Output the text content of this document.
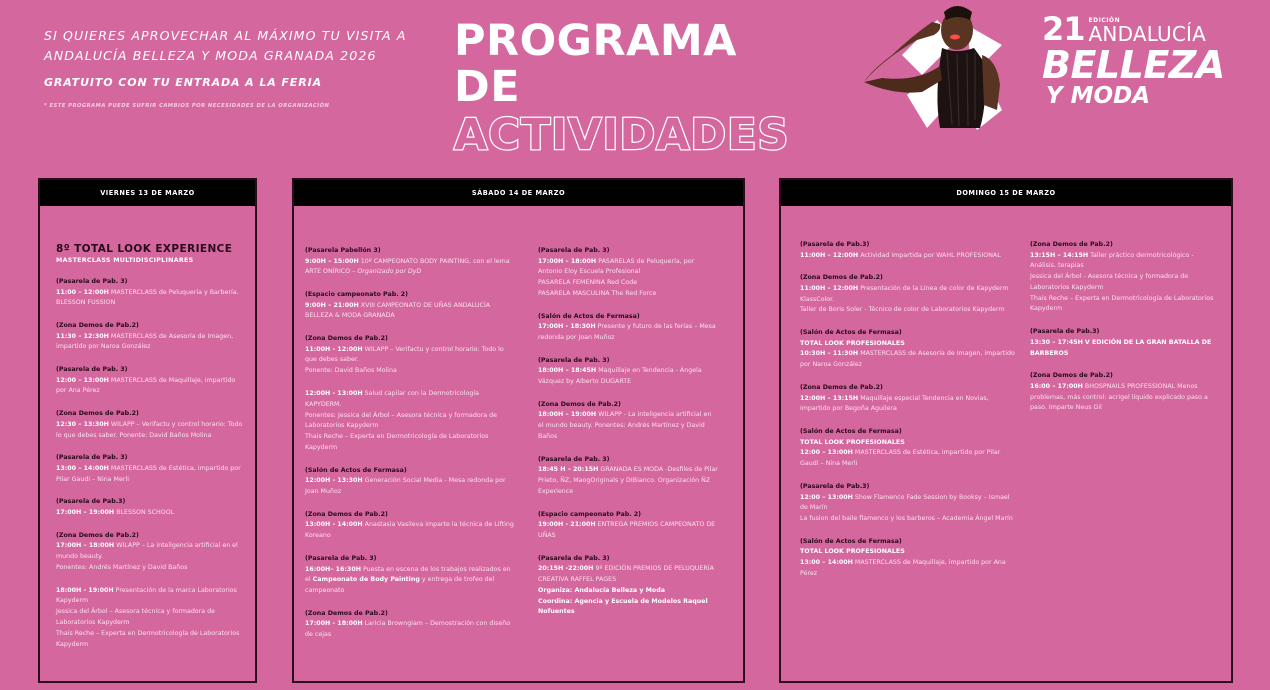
SI QUIERES APROVECHAR AL MÁXIMO TU VISITA A ANDALUCÍA BELLEZA Y MODA GRANADA 2026
GRATUITO CON TU ENTRADA A LA FERIA
* ESTE PROGRAMA PUEDE SUFRIR CAMBIOS POR NECESIDADES DE LA ORGANIZACIÓN
PROGRAMA DE
ACTIVIDADES
21 EDICIÓN
ANDALUCÍA
BELLEZA
Y MODA
VIERNES 13 DE MARZO
8º TOTAL LOOK EXPERIENCE
MASTERCLASS MULTIDISCIPLINARES
(Pasarela de Pab. 3)
11:00 – 12:00H MASTERCLASS de Peluquería y Barbería. BLESSON FUSSION
(Zona Demos de Pab.2)
11:30 – 12:30H MASTERCLASS de Asesoría de Imagen, impartido por Naroa González
(Pasarela de Pab. 3)
12:00 – 13:00H MASTERCLASS de Maquillaje, impartido por Ana Pérez
(Zona Demos de Pab.2)
12:30 – 13:30H WILAPP – Verifactu y control horario: Todo lo que debes saber. Ponente: David Baños Molina
(Pasarela de Pab. 3)
13:00 – 14:00H MASTERCLASS de Estética, impartido por Pilar Gaudi – Nina Merli
(Pasarela de Pab.3)
17:00H – 19:00H BLESSON SCHOOL
(Zona Demos de Pab.2)
17:00H – 18:00H WILAPP – La inteligencia artificial en el mundo beauty.
Ponentes: Andrés Martínez y David Baños
18:00H - 19:00H Presentación de la marca Laboratorios Kapyderm
Jessica del Árbol – Asesora técnica y formadora de Laboratorios Kapyderm
Thais Reche – Experta en Dermotricología de Laboratorios Kapyderm
SÁBADO 14 DE MARZO
(Pasarela Pabellón 3)
9:00H – 15:00H 10º CAMPEONATO BODY PAINTING, con el lema ARTE ONÍRICO – Organizado por DyD
(Espacio campeonato Pab. 2)
9:00H – 21:00H XVIII CAMPEONATO DE UÑAS ANDALUCÍA BELLEZA & MODA GRANADA
(Zona Demos de Pab.2)
11:00H - 12:00H WILAPP – Verifactu y control horario: Todo lo que debes saber.
Ponente: David Baños Molina
12:00H - 13:00H Salud capilar con la Dermotricología KAPYDERM.
Ponentes: Jessica del Árbol – Asesora técnica y formadora de Laboratorios Kapyderm
Thais Reche – Experta en Dermotricología de Laboratorios Kapyderm
(Salón de Actos de Fermasa)
12:00H - 13:30H Generación Social Media - Mesa redonda por Joan Muñoz
(Zona Demos de Pab.2)
13:00H - 14:00H Anastasia Vasileva imparte la técnica de Lifting Koreano
(Pasarela de Pab. 3)
16:00H– 16:30H Puesta en escena de los trabajos realizados en el Campeonato de Body Painting y entrega de trofeo del campeonato
(Zona Demos de Pab.2)
17:00H - 18:00H Laricia Browngiam – Demostración con diseño de cejas
(Pasarela de Pab. 3)
17:00H – 18:00H PASARELAS de Peluquería, por Antonio Eloy Escuela Profesional
PASARELA FEMENINA Red Code
PASARELA MASCULINA The Red Force
(Salón de Actos de Fermasa)
17:00H - 18:30H Presente y futuro de las ferias – Mesa redonda por Joan Muñoz
(Pasarela de Pab. 3)
18:00H – 18:45H Maquillaje en Tendencia - Ángela Vázquez by Alberto DUGARTE
(Zona Demos de Pab.2)
18:00H – 19:00H WILAPP - La inteligencia artificial en el mundo beauty. Ponentes: Andrés Martínez y David Baños
(Pasarela de Pab. 3)
18:45 H – 20:15H GRANADA ES MODA -Desfiles de Pilar Prieto, ÑZ, MaogOriginals y DIBianco. Organización ÑZ Experience
(Espacio campeonato Pab. 2)
19:00H - 21:00H ENTREGA PREMIOS CAMPEONATO DE UÑAS
(Pasarela de Pab. 3)
20:15H -22:00H 9º EDICIÓN PREMIOS DE PELUQUERÍA CREATIVA RAFFEL PAGES
Organiza: Andalucía Belleza y Moda
Coordina: Agencia y Escuela de Modelos Raquel Nofuentes
DOMINGO 15 DE MARZO
(Pasarela de Pab.3)
11:00H – 12:00H Actividad impartida por WAHL PROFESIONAL
(Zona Demos de Pab.2)
11:00H – 12:00H Presentación de la Línea de color de Kapyderm KlassColor.
Taller de Boris Soler - Técnico de color de Laboratorios Kapyderm
(Salón de Actos de Fermasa)
TOTAL LOOK PROFESIONALES
10:30H – 11:30H MASTERCLASS de Asesoría de Imagen, impartido por Naroa González
(Zona Demos de Pab.2)
12:00H – 13:15H Maquillaje especial Tendencia en Novias, impartido por Begoña Aguilera
(Salón de Actos de Fermasa)
TOTAL LOOK PROFESIONALES
12:00 – 13:00H MASTERCLASS de Estética, impartido por Pilar Gaudi – Nina Merli
(Pasarela de Pab.3)
12:00 – 13:00H Show Flamenco Fade Session by Booksy – Ismael de Marín
La fusion del baile flamenco y los barberos – Academia Ángel Marín
(Salón de Actos de Fermasa)
TOTAL LOOK PROFESIONALES
13:00 – 14:00H MASTERCLASS de Maquillaje, impartido por Ana Pérez
(Zona Demos de Pab.2)
13:15H – 14:15H Taller práctico dermotricológico - Análisis, terapias
Jessica del Árbol - Asesora técnica y formadora de Laboratorios Kapyderm
Thais Reche – Experta en Dermotricología de Laboratorios Kapyderm
(Pasarela de Pab.3)
13:30 – 17:45H V EDICIÓN DE LA GRAN BATALLA DE BARBEROS
(Zona Demos de Pab.2)
16:00 – 17:00H BHOSPNAILS PROFESSIONAL Menos problemas, más control: acrigel líquido explicado paso a paso. Imparte Neus Gil
